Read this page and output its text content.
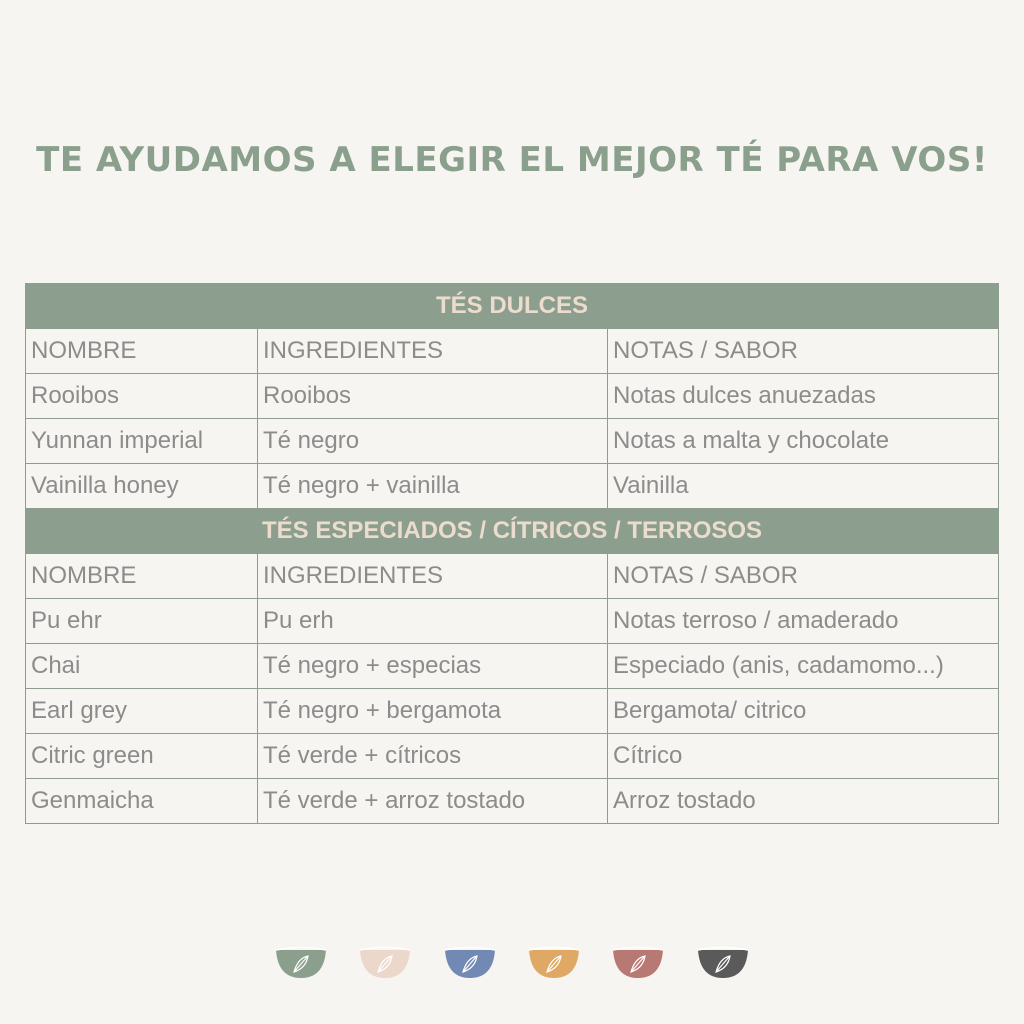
TE AYUDAMOS A ELEGIR EL MEJOR TÉ PARA VOS!
TÉS DULCES		
NOMBRE	INGREDIENTES	NOTAS / SABOR
Rooibos	Rooibos	Notas dulces anuezadas
Yunnan imperial	Té negro	Notas a malta y chocolate
Vainilla honey	Té negro + vainilla	Vainilla
TÉS ESPECIADOS / CÍTRICOS / TERROSOS		
NOMBRE	INGREDIENTES	NOTAS / SABOR
Pu ehr	Pu erh	Notas terroso / amaderado
Chai	Té negro + especias	Especiado (anis, cadamomo...)
Earl grey	Té negro + bergamota	Bergamota/ citrico
Citric green	Té verde + cítricos	Cítrico
Genmaicha	Té verde + arroz tostado	Arroz tostado
